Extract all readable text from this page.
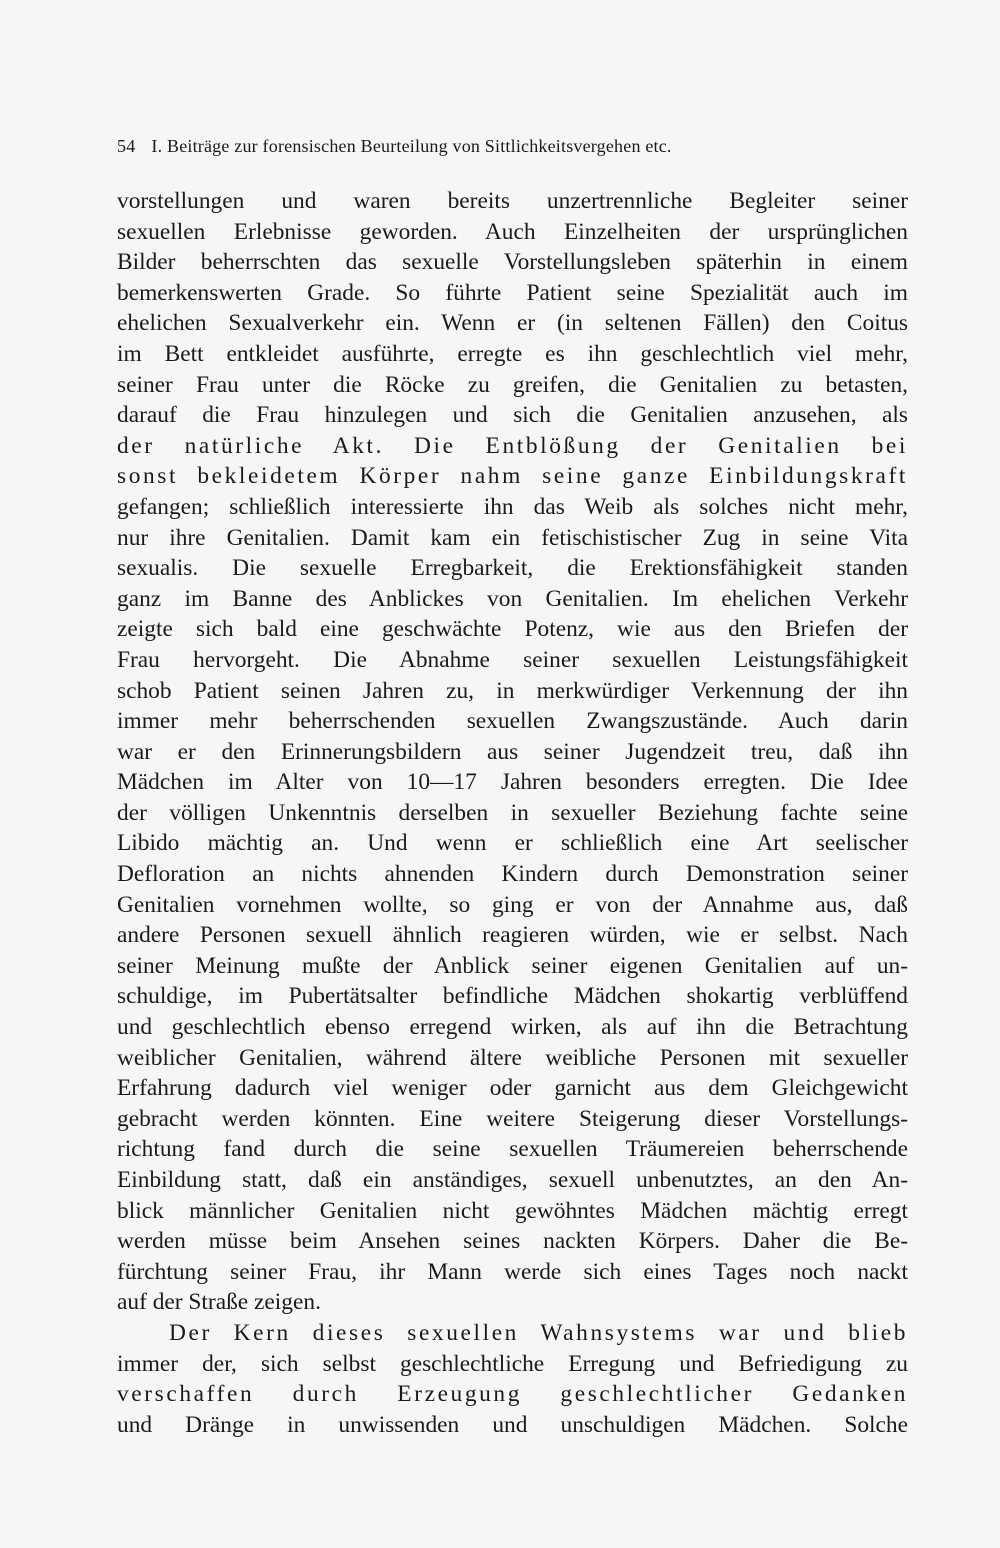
54 I. Beiträge zur forensischen Beurteilung von Sittlichkeitsvergehen etc.
vorstellungen und waren bereits unzertrennliche Begleiter seiner
sexuellen Erlebnisse geworden. Auch Einzelheiten der ursprünglichen
Bilder beherrschten das sexuelle Vorstellungsleben späterhin in einem
bemerkenswerten Grade. So führte Patient seine Spezialität auch im
ehelichen Sexualverkehr ein. Wenn er (in seltenen Fällen) den Coitus
im Bett entkleidet ausführte, erregte es ihn geschlechtlich viel mehr,
seiner Frau unter die Röcke zu greifen, die Genitalien zu betasten,
darauf die Frau hinzulegen und sich die Genitalien anzusehen, als
der natürliche Akt. Die Entblößung der Genitalien bei
sonst bekleidetem Körper nahm seine ganze Einbildungskraft
gefangen; schließlich interessierte ihn das Weib als solches nicht mehr,
nur ihre Genitalien. Damit kam ein fetischistischer Zug in seine Vita
sexualis. Die sexuelle Erregbarkeit, die Erektionsfähigkeit standen
ganz im Banne des Anblickes von Genitalien. Im ehelichen Verkehr
zeigte sich bald eine geschwächte Potenz, wie aus den Briefen der
Frau hervorgeht. Die Abnahme seiner sexuellen Leistungsfähigkeit
schob Patient seinen Jahren zu, in merkwürdiger Verkennung der ihn
immer mehr beherrschenden sexuellen Zwangszustände. Auch darin
war er den Erinnerungsbildern aus seiner Jugendzeit treu, daß ihn
Mädchen im Alter von 10—17 Jahren besonders erregten. Die Idee
der völligen Unkenntnis derselben in sexueller Beziehung fachte seine
Libido mächtig an. Und wenn er schließlich eine Art seelischer
Defloration an nichts ahnenden Kindern durch Demonstration seiner
Genitalien vornehmen wollte, so ging er von der Annahme aus, daß
andere Personen sexuell ähnlich reagieren würden, wie er selbst. Nach
seiner Meinung mußte der Anblick seiner eigenen Genitalien auf un-
schuldige, im Pubertätsalter befindliche Mädchen shokartig verblüffend
und geschlechtlich ebenso erregend wirken, als auf ihn die Betrachtung
weiblicher Genitalien, während ältere weibliche Personen mit sexueller
Erfahrung dadurch viel weniger oder garnicht aus dem Gleichgewicht
gebracht werden könnten. Eine weitere Steigerung dieser Vorstellungs-
richtung fand durch die seine sexuellen Träumereien beherrschende
Einbildung statt, daß ein anständiges, sexuell unbenutztes, an den An-
blick männlicher Genitalien nicht gewöhntes Mädchen mächtig erregt
werden müsse beim Ansehen seines nackten Körpers. Daher die Be-
fürchtung seiner Frau, ihr Mann werde sich eines Tages noch nackt
auf der Straße zeigen.
Der Kern dieses sexuellen Wahnsystems war und blieb
immer der, sich selbst geschlechtliche Erregung und Befriedigung zu
verschaffen durch Erzeugung geschlechtlicher Gedanken
und Dränge in unwissenden und unschuldigen Mädchen. Solche
